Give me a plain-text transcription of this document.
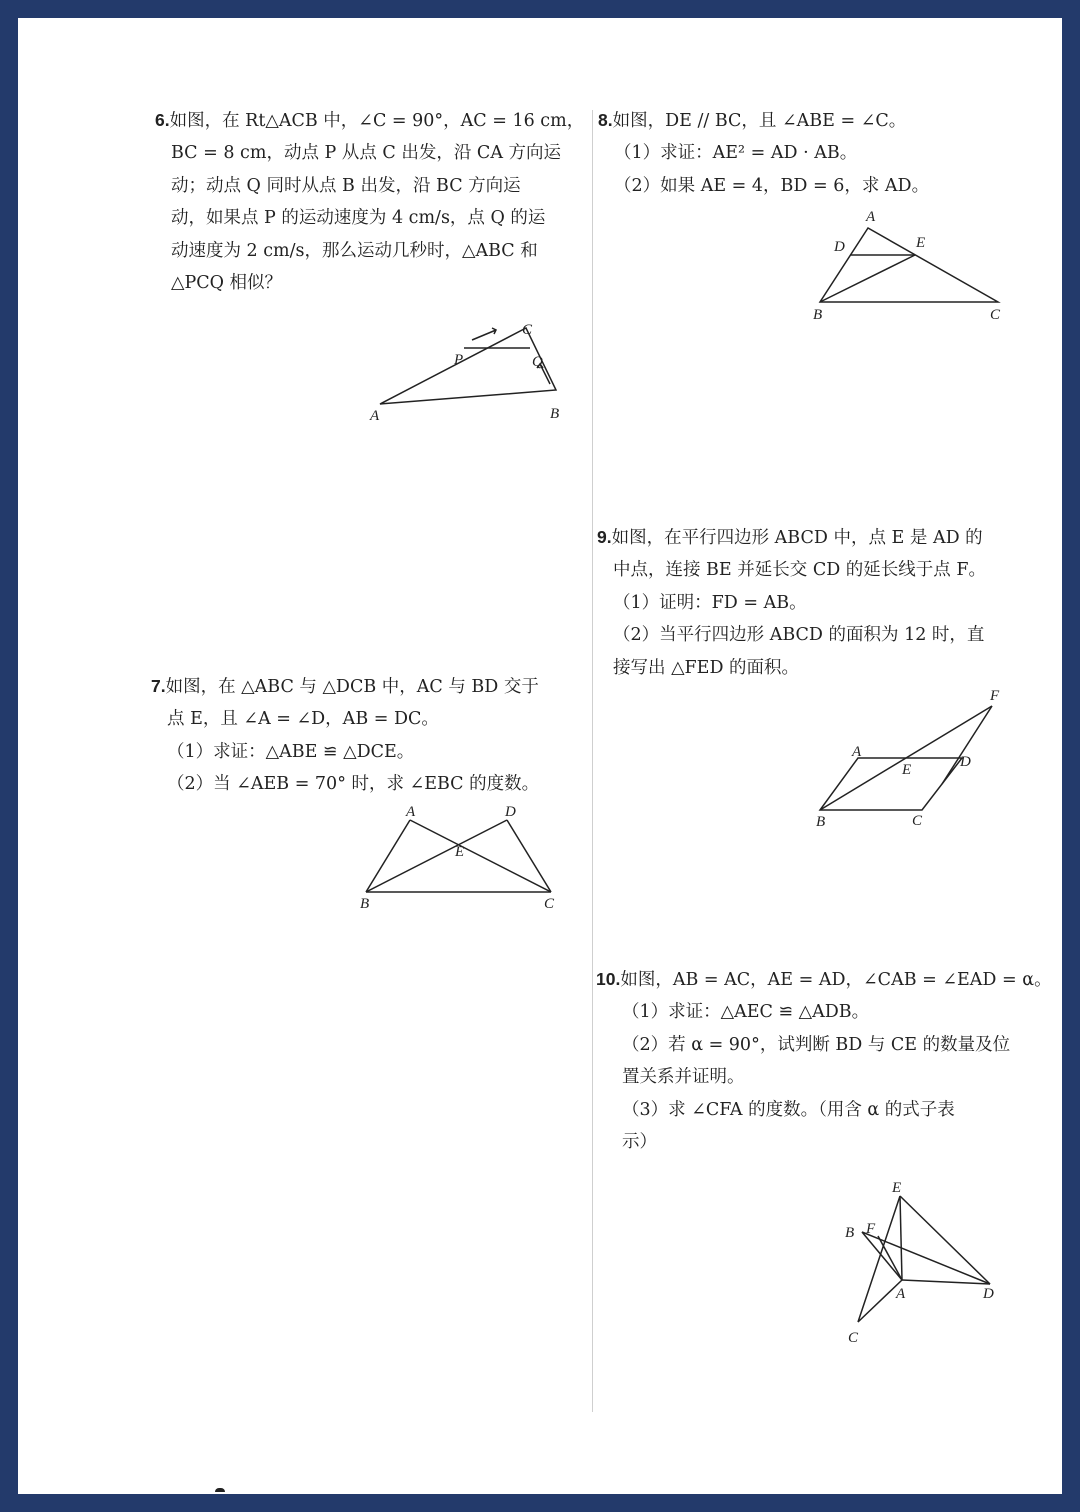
6.如图，在 Rt△ACB 中，∠C = 90°，AC = 16 cm，
BC = 8 cm，动点 P 从点 C 出发，沿 CA 方向运
动；动点 Q 同时从点 B 出发，沿 BC 方向运
动，如果点 P 的运动速度为 4 cm/s，点 Q 的运
动速度为 2 cm/s，那么运动几秒时，△ABC 和
△PCQ 相似？
A	B
C
P	Q
7.如图，在 △ABC 与 △DCB 中，AC 与 BD 交于
点 E，且 ∠A = ∠D，AB = DC。
（1）求证：△ABE ≌ △DCE。
（2）当 ∠AEB = 70° 时，求 ∠EBC 的度数。
A	D
E
B	C
8.如图，DE // BC，且 ∠ABE = ∠C。
（1）求证：AE² = AD · AB。
（2）如果 AE = 4，BD = 6，求 AD。
A
D	E
B	C
9.如图，在平行四边形 ABCD 中，点 E 是 AD 的
中点，连接 BE 并延长交 CD 的延长线于点 F。
（1）证明：FD = AB。
（2）当平行四边形 ABCD 的面积为 12 时，直
接写出 △FED 的面积。
F
A
E	D
B	C
10.如图，AB = AC，AE = AD，∠CAB = ∠EAD = α。
（1）求证：△AEC ≌ △ADB。
（2）若 α = 90°，试判断 BD 与 CE 的数量及位
置关系并证明。
（3）求 ∠CFA 的度数。（用含 α 的式子表
示）
E
B F
A	D
C
